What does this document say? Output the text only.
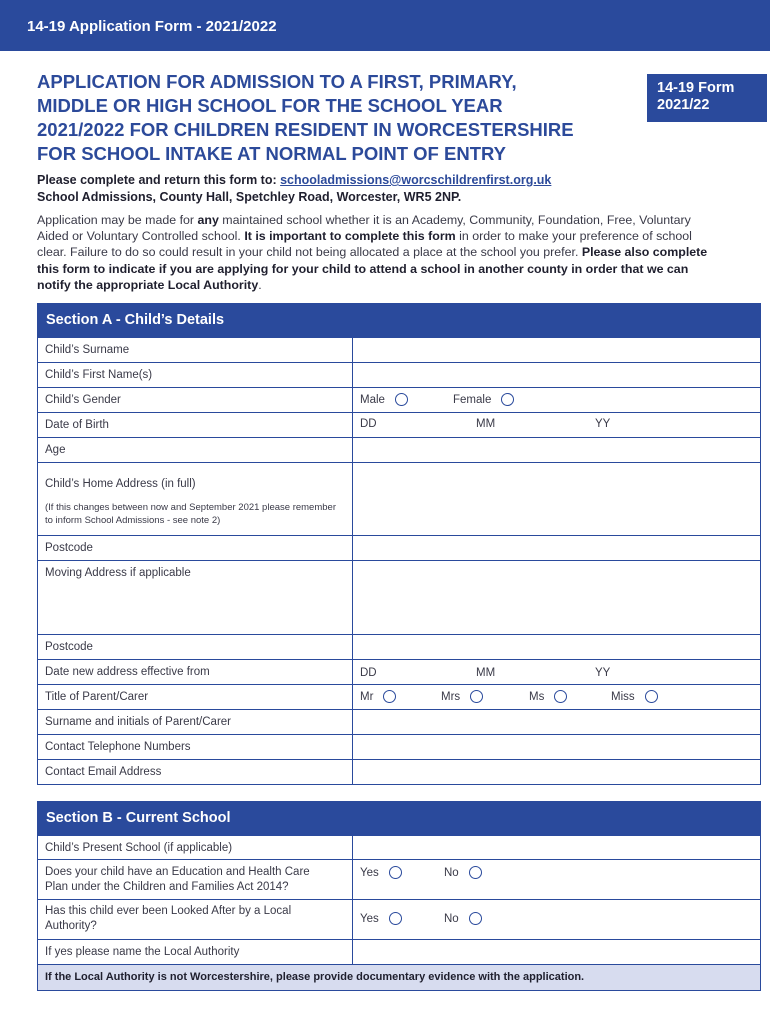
14-19 Application Form - 2021/2022
APPLICATION FOR ADMISSION TO A FIRST, PRIMARY,
MIDDLE OR HIGH SCHOOL FOR THE SCHOOL YEAR
2021/2022 FOR CHILDREN RESIDENT IN WORCESTERSHIRE
FOR SCHOOL INTAKE AT NORMAL POINT OF ENTRY
14-19 Form
2021/22
Please complete and return this form to: schooladmissions@worcschildrenfirst.org.uk
School Admissions, County Hall, Spetchley Road, Worcester, WR5 2NP.
Application may be made for any maintained school whether it is an Academy, Community, Foundation, Free, Voluntary Aided or Voluntary Controlled school. It is important to complete this form in order to make your preference of school clear. Failure to do so could result in your child not being allocated a place at the school you prefer. Please also complete this form to indicate if you are applying for your child to attend a school in another county in order that we can notify the appropriate Local Authority.
Section A - Child’s Details
Child’s Surname
Child’s First Name(s)
Child’s Gender	Male	Female
Date of Birth	DD	MM	YY
Age
Child’s Home Address (in full)
(If this changes between now and September 2021 please remember to inform School Admissions - see note 2)
Postcode
Moving Address if applicable
Postcode
Date new address effective from	DD	MM	YY
Title of Parent/Carer	Mr	Mrs	Ms	Miss
Surname and initials of Parent/Carer
Contact Telephone Numbers
Contact Email Address
Section B - Current School
Child’s Present School (if applicable)
Does your child have an Education and Health Care
Plan under the Children and Families Act 2014?
Yes	No
Has this child ever been Looked After by a Local
Authority?
Yes	No
If yes please name the Local Authority
If the Local Authority is not Worcestershire, please provide documentary evidence with the application.
